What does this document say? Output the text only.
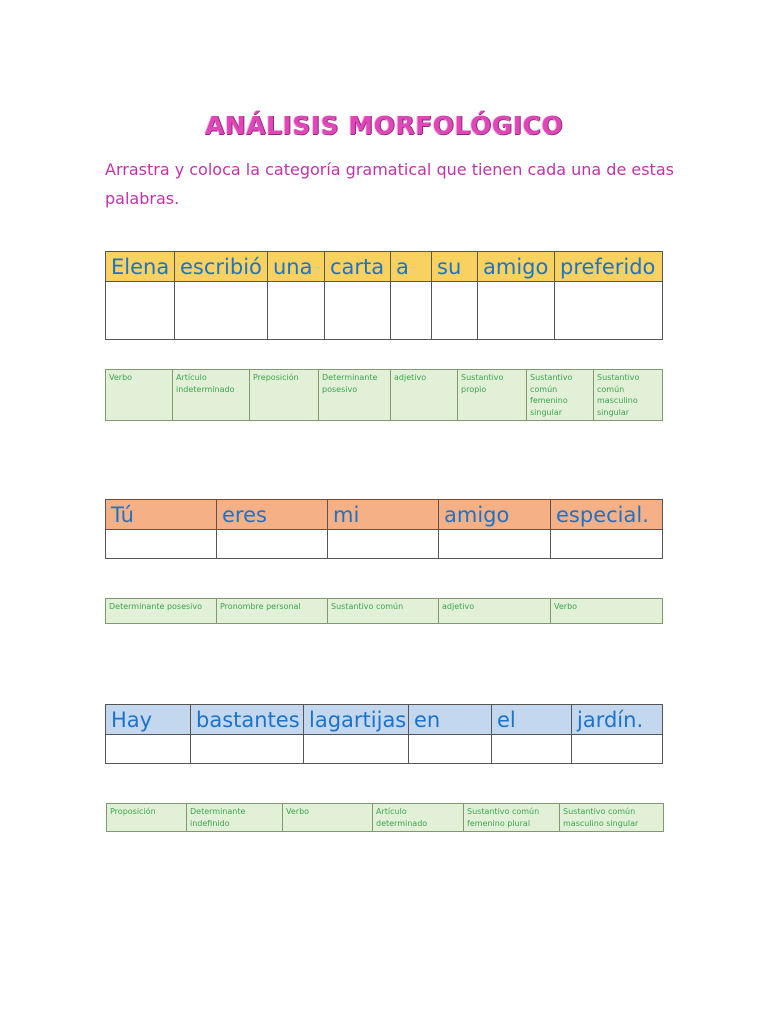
ANÁLISIS MORFOLÓGICO
Arrastra y coloca la categoría gramatical que tienen cada una de estas palabras.
Elena	escribió	una	carta	a	su	amigo	preferido

Verbo	Artículo indeterminado	Preposición	Determinante posesivo	adjetivo	Sustantivo propio	Sustantivo común femenino singular	Sustantivo común masculino singular
Tú	eres	mi	amigo	especial.

Determinante posesivo	Pronombre personal	Sustantivo común	adjetivo	Verbo
Hay	bastantes	lagartijas	en	el	jardín.

Proposición	Determinante indefinido	Verbo	Artículo determinado	Sustantivo común femenino plural	Sustantivo común masculino singular
